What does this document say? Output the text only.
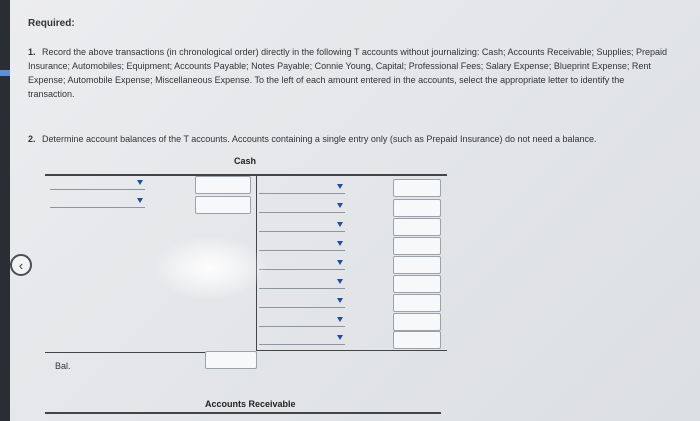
Required:
1. Record the above transactions (in chronological order) directly in the following T accounts without journalizing: Cash; Accounts Receivable; Supplies; Prepaid Insurance; Automobiles; Equipment; Accounts Payable; Notes Payable; Connie Young, Capital; Professional Fees; Salary Expense; Blueprint Expense; Rent Expense; Automobile Expense; Miscellaneous Expense. To the left of each amount entered in the accounts, select the appropriate letter to identify the transaction.
2. Determine account balances of the T accounts. Accounts containing a single entry only (such as Prepaid Insurance) do not need a balance.
Cash
Bal.
‹
Accounts Receivable
